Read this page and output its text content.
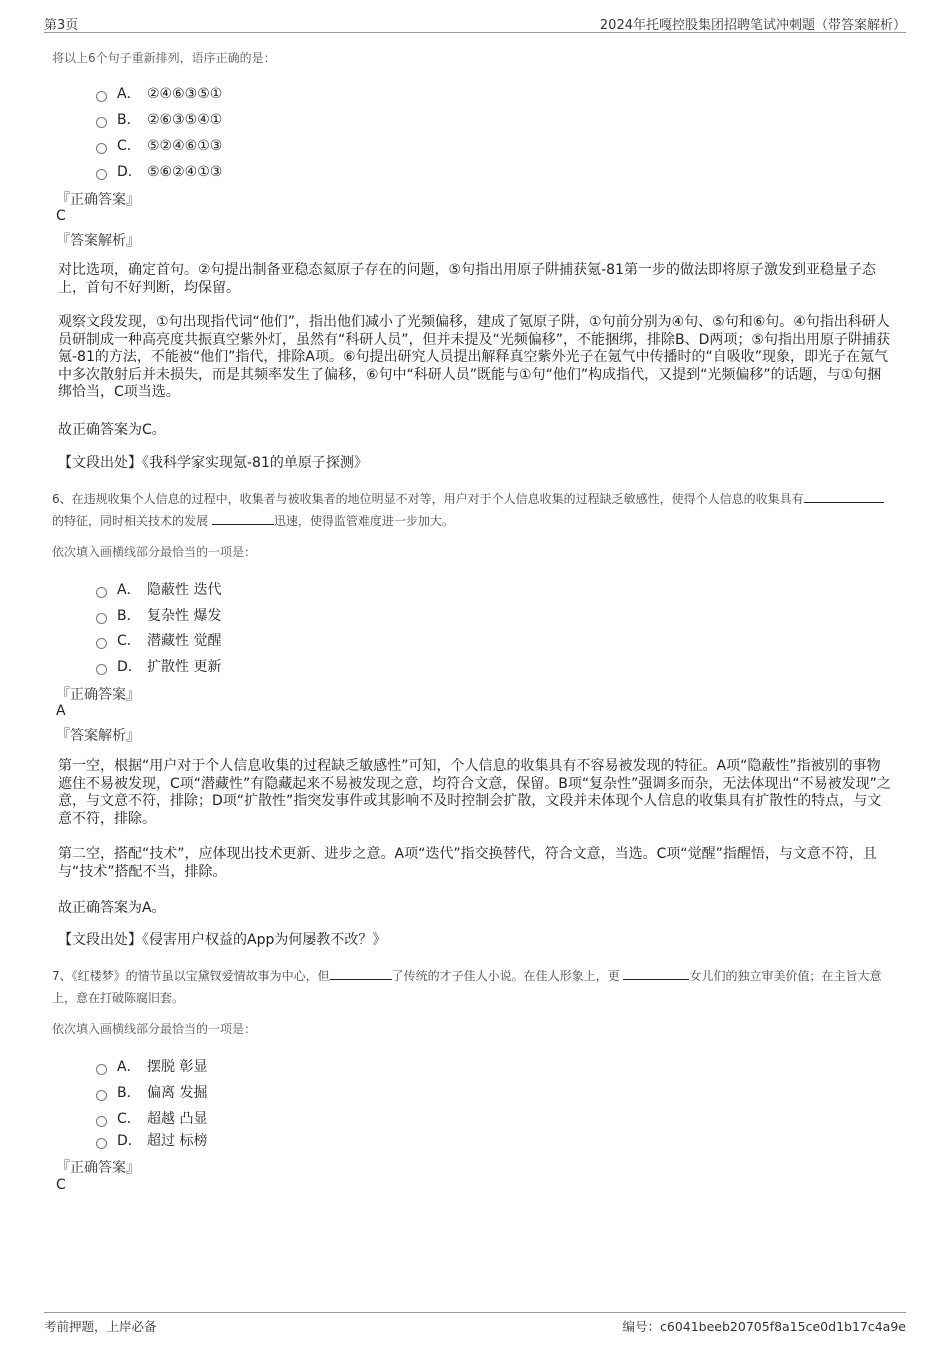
第3页	2024年托嘎控股集团招聘笔试冲刺题（带答案解析）
将以上6个句子重新排列，语序正确的是：
A． ②④⑥③⑤①
B． ②⑥③⑤④①
C． ⑤②④⑥①③
D． ⑤⑥②④①③
『正确答案』
C
『答案解析』
对比选项，确定首句。②句提出制备亚稳态氦原子存在的问题，⑤句指出用原子阱捕获氪-81第一步的做法即将原子激发到亚稳量子态上，首句不好判断，均保留。
观察文段发现，①句出现指代词“他们”，指出他们减小了光频偏移，建成了氪原子阱，①句前分别为④句、⑤句和⑥句。④句指出科研人员研制成一种高亮度共振真空紫外灯，虽然有“科研人员”，但并未提及“光频偏移”，不能捆绑，排除B、D两项；⑤句指出用原子阱捕获氪-81的方法，不能被“他们”指代，排除A项。⑥句提出研究人员提出解释真空紫外光子在氪气中传播时的“自吸收”现象，即光子在氪气中多次散射后并未损失，而是其频率发生了偏移，⑥句中“科研人员”既能与①句“他们”构成指代，又提到“光频偏移”的话题，与①句捆绑恰当，C项当选。
故正确答案为C。
【文段出处】《我科学家实现氪-81的单原子探测》
6、在违规收集个人信息的过程中，收集者与被收集者的地位明显不对等，用户对于个人信息收集的过程缺乏敏感性，使得个人信息的收集具有的特征，同时相关技术的发展	迅速，使得监管难度进一步加大。
依次填入画横线部分最恰当的一项是：
A． 隐蔽性 迭代
B． 复杂性 爆发
C． 潜藏性 觉醒
D． 扩散性 更新
『正确答案』
A
『答案解析』
第一空，根据“用户对于个人信息收集的过程缺乏敏感性”可知，个人信息的收集具有不容易被发现的特征。A项“隐蔽性”指被别的事物遮住不易被发现，C项“潜藏性”有隐藏起来不易被发现之意，均符合文意，保留。B项“复杂性”强调多而杂，无法体现出“不易被发现”之意，与文意不符，排除；D项“扩散性”指突发事件或其影响不及时控制会扩散，文段并未体现个人信息的收集具有扩散性的特点，与文意不符，排除。
第二空，搭配“技术”，应体现出技术更新、进步之意。A项“迭代”指交换替代，符合文意，当选。C项“觉醒”指醒悟，与文意不符，且与“技术”搭配不当，排除。
故正确答案为A。
【文段出处】《侵害用户权益的App为何屡教不改？》
7、《红楼梦》的情节虽以宝黛钗爱情故事为中心，但	了传统的才子佳人小说。在佳人形象上，更	女儿们的独立审美价值；在主旨大意上，意在打破陈腐旧套。
依次填入画横线部分最恰当的一项是：
A． 摆脱 彰显
B． 偏离 发掘
C． 超越 凸显
D． 超过 标榜
『正确答案』
C
考前押题，上岸必备	编号：c6041beeb20705f8a15ce0d1b17c4a9e
